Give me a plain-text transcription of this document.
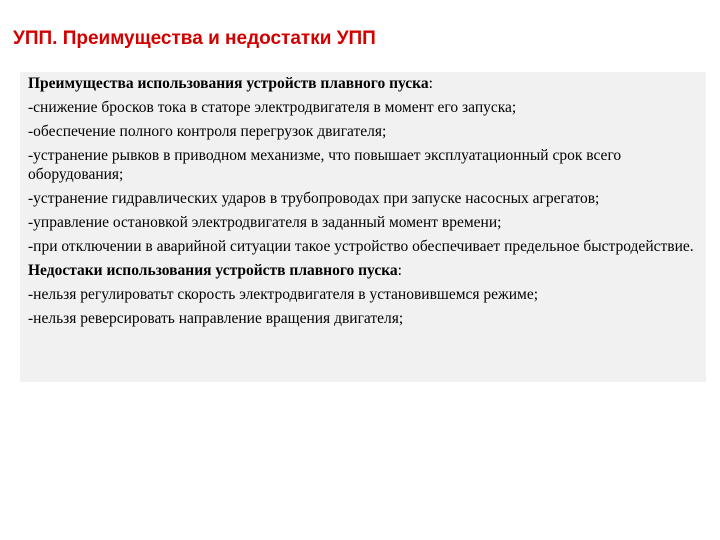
УПП. Преимущества и недостатки УПП

Преимущества использования устройств плавного пуска:

-снижение бросков тока в статоре электродвигателя в момент его запуска;

-обеспечение полного контроля перегрузок двигателя;

-устранение рывков в приводном механизме, что повышает эксплуатационный срок всего оборудования;

-устранение гидравлических ударов в трубопроводах при запуске насосных агрегатов;

-управление остановкой электродвигателя в заданный момент времени;

-при отключении в аварийной ситуации такое устройство обеспечивает предельное быстродействие.

Недостаки использования устройств плавного пуска:

-нельзя регулироватьт скорость электродвигателя в установившемся режиме;

-нельзя реверсировать направление вращения двигателя;
